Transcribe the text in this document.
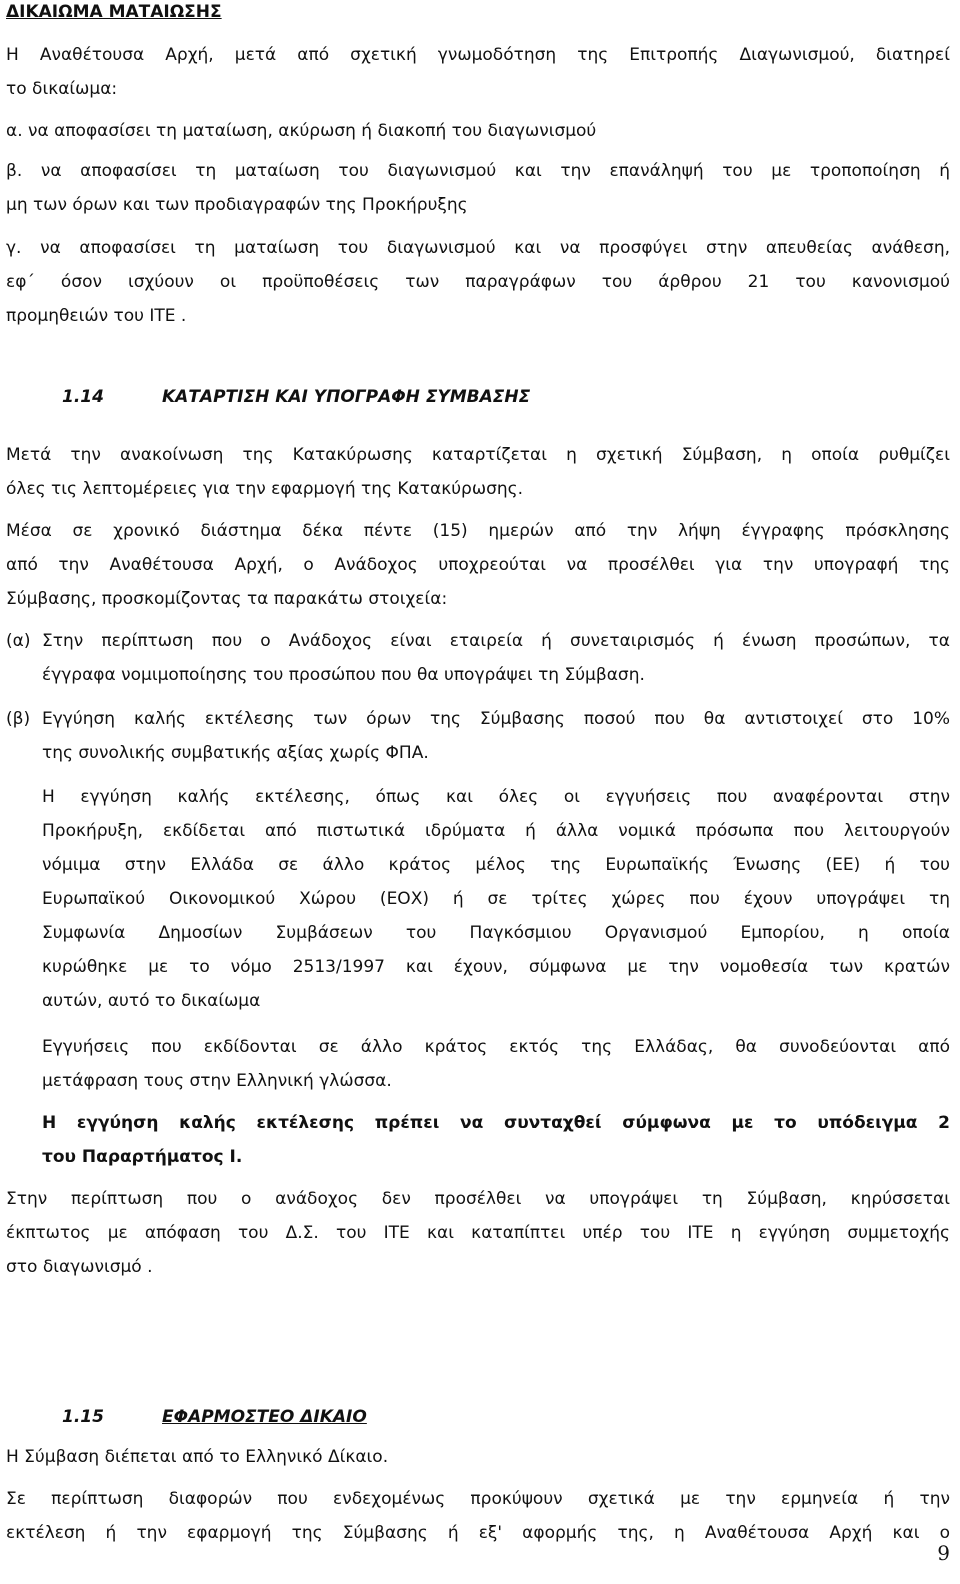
ΔΙΚΑΙΩΜΑ ΜΑΤΑΙΩΣΗΣ
Η Αναθέτουσα Αρχή, μετά από σχετική γνωμοδότηση της Επιτροπής Διαγωνισμού, διατηρεί
το δικαίωμα:
α. να αποφασίσει τη ματαίωση, ακύρωση ή διακοπή του διαγωνισμού
β. να αποφασίσει τη ματαίωση του διαγωνισμού και την επανάληψή του με τροποποίηση ή
μη των όρων και των προδιαγραφών της Προκήρυξης
γ. να αποφασίσει τη ματαίωση του διαγωνισμού και να προσφύγει στην απευθείας ανάθεση,
εφ΄ όσον ισχύουν οι προϋποθέσεις των παραγράφων του άρθρου 21 του κανονισμού
προμηθειών του ΙΤΕ .
1.14	ΚΑΤΑΡΤΙΣΗ ΚΑΙ ΥΠΟΓΡΑΦΗ ΣΥΜΒΑΣΗΣ
Μετά την ανακοίνωση της Κατακύρωσης καταρτίζεται η σχετική Σύμβαση, η οποία ρυθμίζει
όλες τις λεπτομέρειες για την εφαρμογή της Κατακύρωσης.
Μέσα σε χρονικό διάστημα δέκα πέντε (15) ημερών από την λήψη έγγραφης πρόσκλησης
από την Αναθέτουσα Αρχή, ο Ανάδοχος υποχρεούται να προσέλθει για την υπογραφή της
Σύμβασης, προσκομίζοντας τα παρακάτω στοιχεία:
(α) Στην περίπτωση που ο Ανάδοχος είναι εταιρεία ή συνεταιρισμός ή ένωση προσώπων, τα
έγγραφα νομιμοποίησης του προσώπου που θα υπογράψει τη Σύμβαση.
(β) Εγγύηση καλής εκτέλεσης των όρων της Σύμβασης ποσού που θα αντιστοιχεί στο 10%
της συνολικής συμβατικής αξίας χωρίς ΦΠΑ.
Η εγγύηση καλής εκτέλεσης, όπως και όλες οι εγγυήσεις που αναφέρονται στην
Προκήρυξη, εκδίδεται από πιστωτικά ιδρύματα ή άλλα νομικά πρόσωπα που λειτουργούν
νόμιμα στην Ελλάδα σε άλλο κράτος μέλος της Ευρωπαϊκής Ένωσης (ΕΕ) ή του
Ευρωπαϊκού Οικονομικού Χώρου (ΕΟΧ) ή σε τρίτες χώρες που έχουν υπογράψει τη
Συμφωνία Δημοσίων Συμβάσεων του Παγκόσμιου Οργανισμού Εμπορίου, η οποία
κυρώθηκε με το νόμο 2513/1997 και έχουν, σύμφωνα με την νομοθεσία των κρατών
αυτών, αυτό το δικαίωμα
Εγγυήσεις που εκδίδονται σε άλλο κράτος εκτός της Ελλάδας, θα συνοδεύονται από
μετάφραση τους στην Ελληνική γλώσσα.
Η εγγύηση καλής εκτέλεσης πρέπει να συνταχθεί σύμφωνα με το υπόδειγμα 2
του Παραρτήματος Ι.
Στην περίπτωση που ο ανάδοχος δεν προσέλθει να υπογράψει τη Σύμβαση, κηρύσσεται
έκπτωτος με απόφαση του Δ.Σ. του ΙΤΕ και καταπίπτει υπέρ του ΙΤΕ η εγγύηση συμμετοχής
στο διαγωνισμό .
1.15	ΕΦΑΡΜΟΣΤΕΟ ΔΙΚΑΙΟ
Η Σύμβαση διέπεται από το Ελληνικό Δίκαιο.
Σε περίπτωση διαφορών που ενδεχομένως προκύψουν σχετικά με την ερμηνεία ή την
εκτέλεση ή την εφαρμογή της Σύμβασης ή εξ' αφορμής της, η Αναθέτουσα Αρχή και ο
9
